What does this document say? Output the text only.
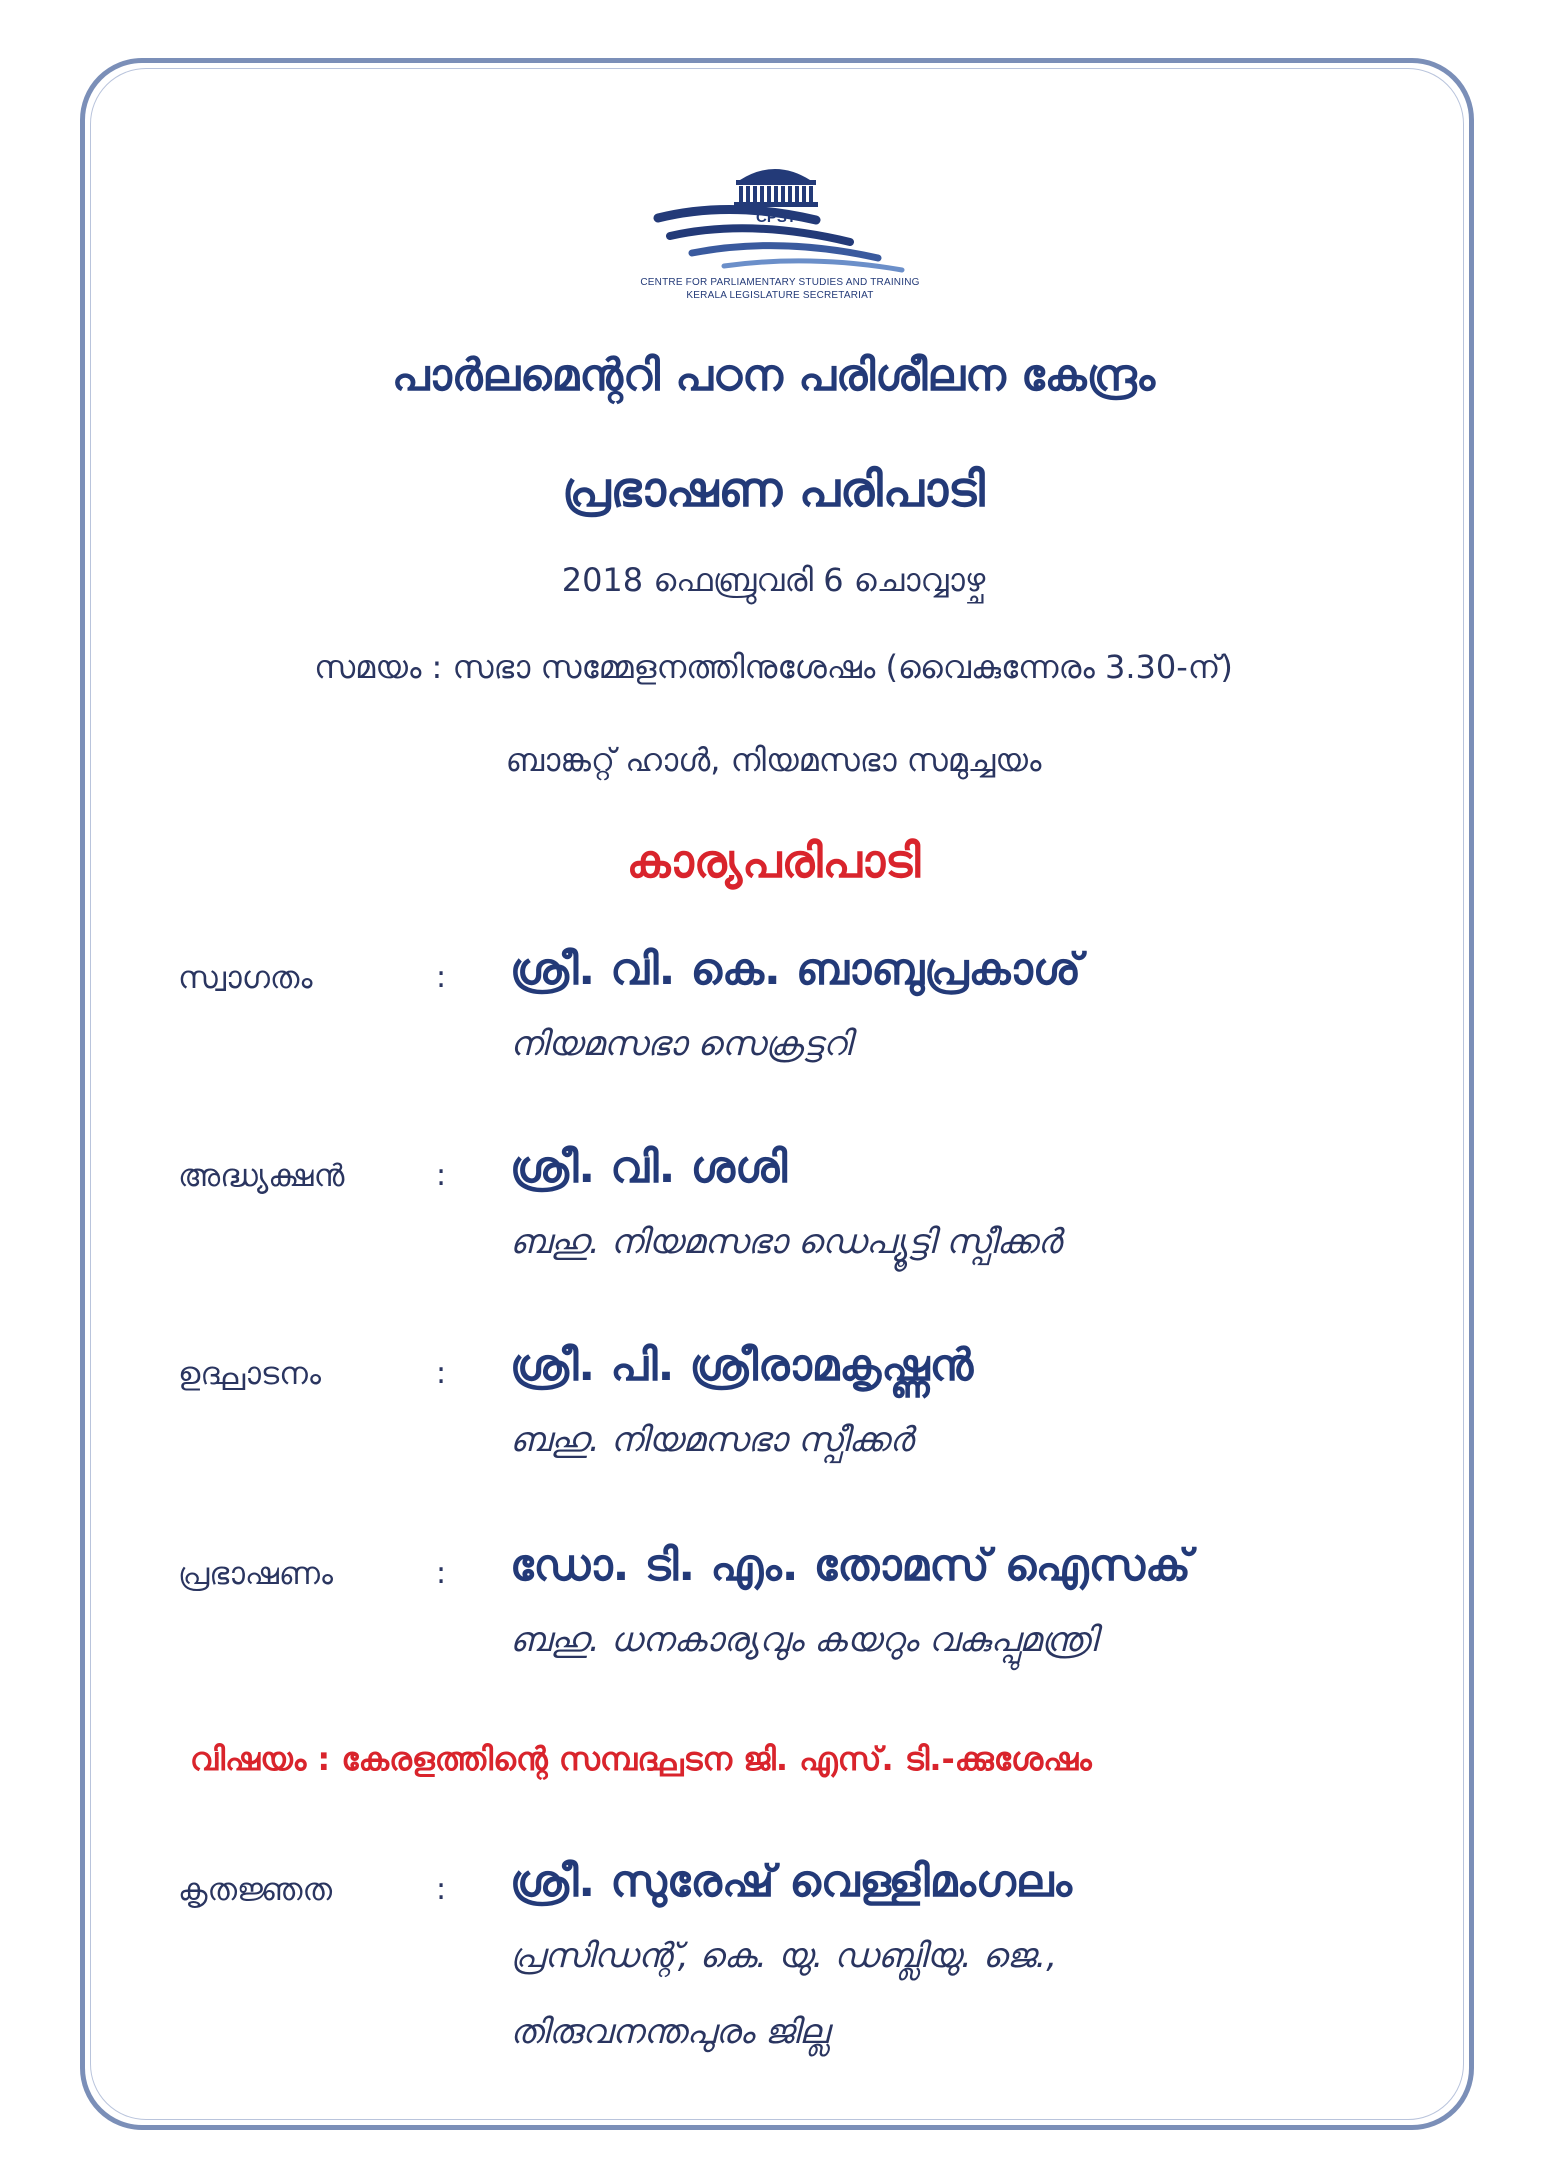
CPST
CENTRE FOR PARLIAMENTARY STUDIES AND TRAINING
KERALA LEGISLATURE SECRETARIAT
പാർലമെന്ററി പഠന പരിശീലന കേന്ദ്രം
പ്രഭാഷണ പരിപാടി
2018 ഫെബ്രുവരി 6 ചൊവ്വാഴ്ച
സമയം : സഭാ സമ്മേളനത്തിനുശേഷം (വൈകുന്നേരം 3.30-ന്)
ബാങ്കറ്റ് ഹാൾ, നിയമസഭാ സമുച്ചയം
കാര്യപരിപാടി
സ്വാഗതം	: ശ്രീ. വി. കെ. ബാബുപ്രകാശ്
നിയമസഭാ സെക്രട്ടറി
അദ്ധ്യക്ഷൻ	: ശ്രീ. വി. ശശി
ബഹു. നിയമസഭാ ഡെപ്യൂട്ടി സ്പീക്കർ
ഉദ്ഘാടനം	: ശ്രീ. പി. ശ്രീരാമകൃഷ്ണൻ
ബഹു. നിയമസഭാ സ്പീക്കർ
പ്രഭാഷണം	: ഡോ. ടി. എം. തോമസ് ഐസക്
ബഹു. ധനകാര്യവും കയറും വകുപ്പുമന്ത്രി
വിഷയം : കേരളത്തിന്റെ സമ്പദ്ഘടന ജി. എസ്. ടി.-ക്കുശേഷം
കൃതജ്ഞത	: ശ്രീ. സുരേഷ് വെള്ളിമംഗലം
പ്രസിഡന്റ്, കെ. യു. ഡബ്ലിയു. ജെ.,
തിരുവനന്തപുരം ജില്ല
